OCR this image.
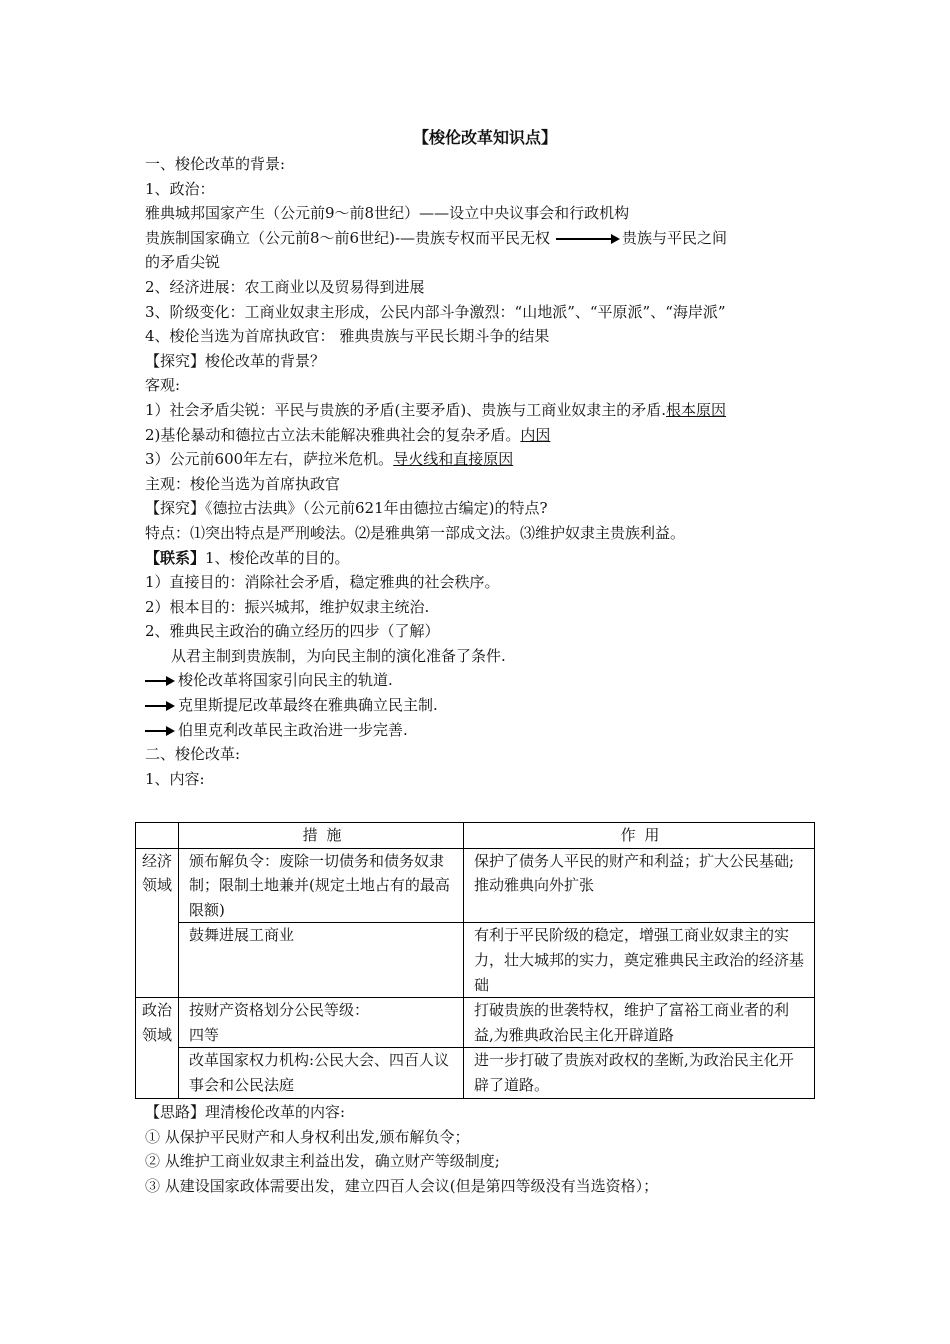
【梭伦改革知识点】
一、梭伦改革的背景:
1、政治：
雅典城邦国家产生（公元前9～前8世纪）——设立中央议事会和行政机构
贵族制国家确立（公元前8～前6世纪)-—贵族专权而平民无权	贵族与平民之间
的矛盾尖锐
2、经济进展：农工商业以及贸易得到进展
3、阶级变化：工商业奴隶主形成，公民内部斗争激烈：“山地派”、“平原派”、“海岸派”
4、梭伦当选为首席执政官： 雅典贵族与平民长期斗争的结果
【探究】梭伦改革的背景？
客观:
1）社会矛盾尖锐：平民与贵族的矛盾(主要矛盾)、贵族与工商业奴隶主的矛盾.根本原因
2)基伦暴动和德拉古立法未能解决雅典社会的复杂矛盾。内因
3）公元前600年左右，萨拉米危机。导火线和直接原因
主观：梭伦当选为首席执政官
【探究】《德拉古法典》（公元前621年由德拉古编定)的特点?
特点：⑴突出特点是严刑峻法。⑵是雅典第一部成文法。⑶维护奴隶主贵族利益。
【联系】1、梭伦改革的目的。
1）直接目的：消除社会矛盾，稳定雅典的社会秩序。
2）根本目的：振兴城邦，维护奴隶主统治.
2、雅典民主政治的确立经历的四步（了解）
从君主制到贵族制，为向民主制的演化准备了条件.
梭伦改革将国家引向民主的轨道.
克里斯提尼改革最终在雅典确立民主制.
伯里克利改革民主政治进一步完善.
二、梭伦改革:
1、内容:
	措 施	作 用
经济领域	颁布解负令：废除一切债务和债务奴隶制；限制土地兼并(规定土地占有的最高限额)	保护了债务人平民的财产和利益；扩大公民基础;推动雅典向外扩张
	鼓舞进展工商业	有利于平民阶级的稳定，增强工商业奴隶主的实力，壮大城邦的实力，奠定雅典民主政治的经济基础
政治领域	按财产资格划分公民等级：
四等	打破贵族的世袭特权，维护了富裕工商业者的利益,为雅典政治民主化开辟道路
	改革国家权力机构:公民大会、四百人议事会和公民法庭	进一步打破了贵族对政权的垄断,为政治民主化开辟了道路。
【思路】理清梭伦改革的内容:
① 从保护平民财产和人身权利出发,颁布解负令；
② 从维护工商业奴隶主利益出发，确立财产等级制度;
③ 从建设国家政体需要出发，建立四百人会议(但是第四等级没有当选资格）；
